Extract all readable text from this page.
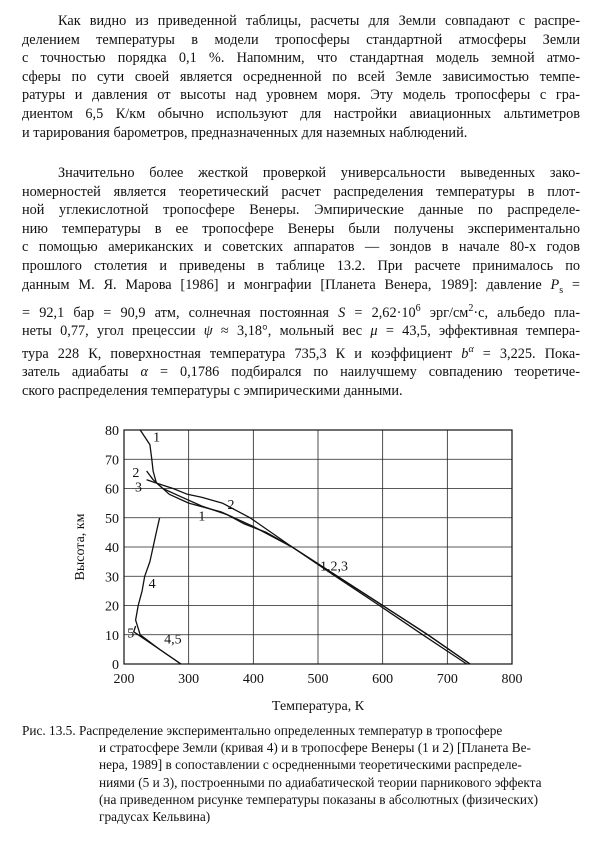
Как видно из приведенной таблицы, расчеты для Земли совпадают с распре-
делением температуры в модели тропосферы стандартной атмосферы Земли
с точностью порядка 0,1 %. Напомним, что стандартная модель земной атмо-
сферы по сути своей является осредненной по всей Земле зависимостью темпе-
ратуры и давления от высоты над уровнем моря. Эту модель тропосферы с гра-
диентом 6,5 К/км обычно используют для настройки авиационных альтиметров
и тарирования барометров, предназначенных для наземных наблюдений.
Значительно более жесткой проверкой универсальности выведенных зако-
номерностей является теоретический расчет распределения температуры в плот-
ной углекислотной тропосфере Венеры. Эмпирические данные по распределе-
нию температуры в ее тропосфере Венеры были получены экспериментально
с помощью американских и советских аппаратов — зондов в начале 80-х годов
прошлого столетия и приведены в таблице 13.2. При расчете принималось по
данным М. Я. Марова [1986] и монграфии [Планета Венера, 1989]: давление $P_s$ =
= 92,1 бар = 90,9 атм, солнечная постоянная $S = 2,62\cdot 10^6$ эрг/$см^2\cdot с$, альбедо пла-
неты 0,77, угол прецессии ψ ≈ 3,18°, мольный вес μ = 43,5, эффективная темпера-
тура 228 К, поверхностная температура 735,3 К и коэффициент $b^\alpha = 3,225$. Пока-
затель адиабаты α = 0,1786 подбирался по наилучшему совпадению теоретиче-
ского распределения температуры с эмпирическими данными.
200	300	400	500	600	700	800
0
10
20
30
40
50
60
70
80
Температура, К
Высота, км
1
2
3
2
1
1,2,3
4
5 4,5
Рис. 13.5. Распределение экспериментально определенных температур в тропосфере
и стратосфере Земли (кривая 4) и в тропосфере Венеры (1 и 2) [Планета Ве-
нера, 1989] в сопоставлении с осредненными теоретическими распределе-
ниями (5 и 3), построенными по адиабатической теории парникового эффекта
(на приведенном рисунке температуры показаны в абсолютных (физических)
градусах Кельвина)
